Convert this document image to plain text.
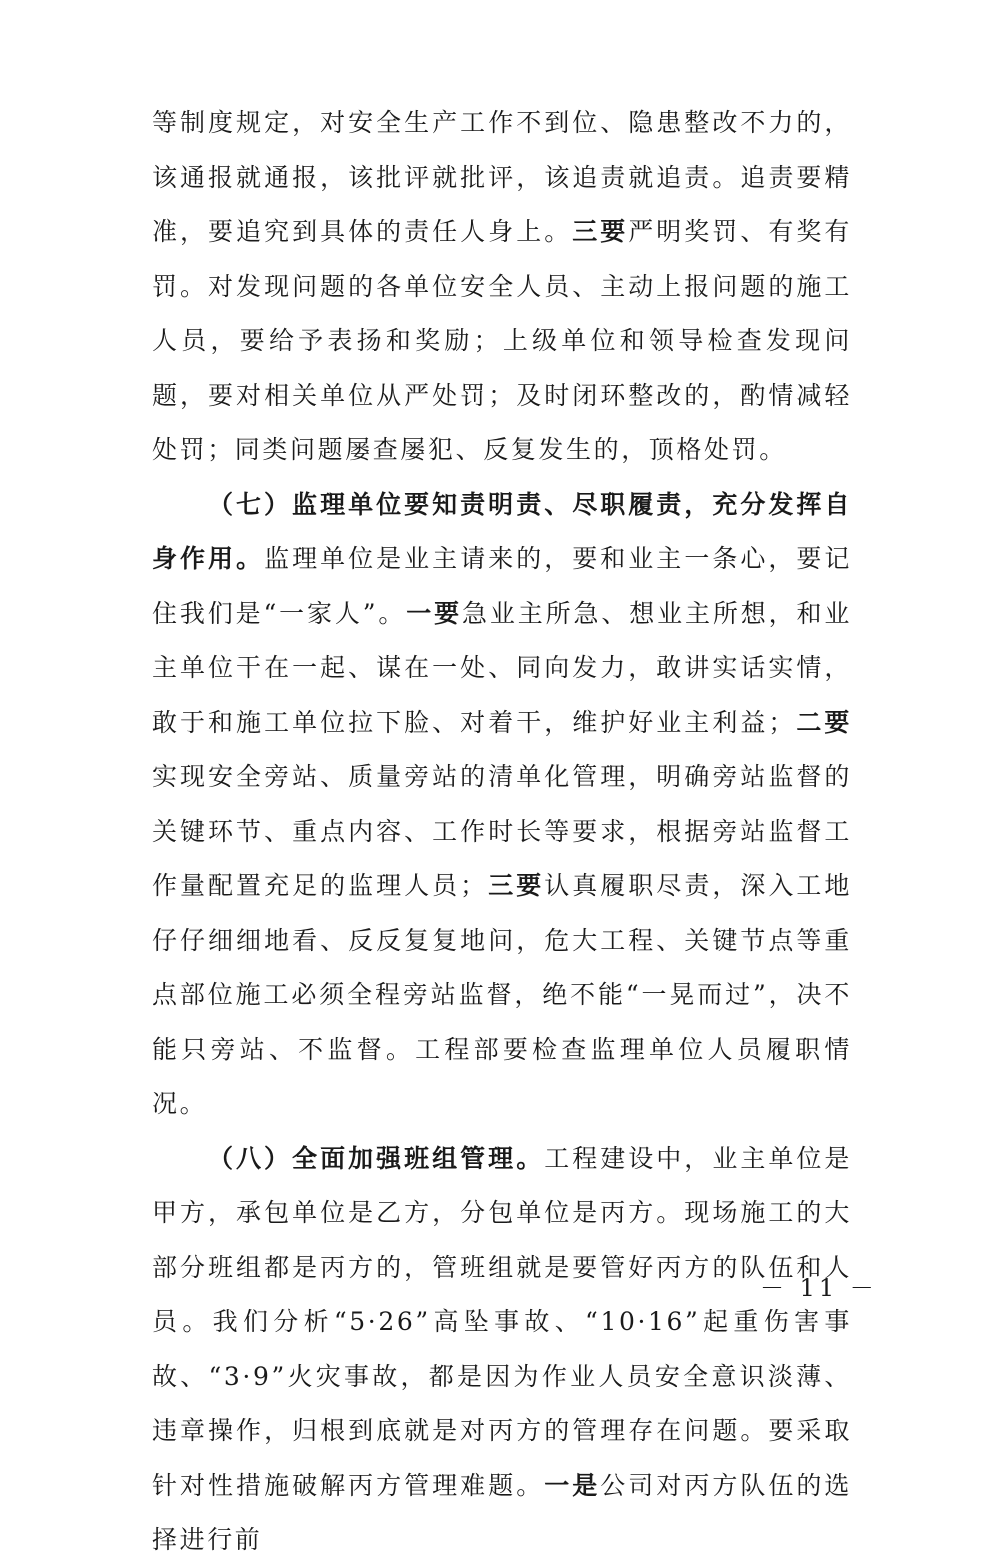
等制度规定，对安全生产工作不到位、隐患整改不力的，该通报就通报，该批评就批评，该追责就追责。追责要精准，要追究到具体的责任人身上。三要严明奖罚、有奖有罚。对发现问题的各单位安全人员、主动上报问题的施工人员，要给予表扬和奖励；上级单位和领导检查发现问题，要对相关单位从严处罚；及时闭环整改的，酌情减轻处罚；同类问题屡查屡犯、反复发生的，顶格处罚。

（七）监理单位要知责明责、尽职履责，充分发挥自身作用。监理单位是业主请来的，要和业主一条心，要记住我们是“一家人”。一要急业主所急、想业主所想，和业主单位干在一起、谋在一处、同向发力，敢讲实话实情，敢于和施工单位拉下脸、对着干，维护好业主利益；二要实现安全旁站、质量旁站的清单化管理，明确旁站监督的关键环节、重点内容、工作时长等要求，根据旁站监督工作量配置充足的监理人员；三要认真履职尽责，深入工地仔仔细细地看、反反复复地问，危大工程、关键节点等重点部位施工必须全程旁站监督，绝不能“一晃而过”，决不能只旁站、不监督。工程部要检查监理单位人员履职情况。

（八）全面加强班组管理。工程建设中，业主单位是甲方，承包单位是乙方，分包单位是丙方。现场施工的大部分班组都是丙方的，管班组就是要管好丙方的队伍和人员。我们分析“5·26”高坠事故、“10·16”起重伤害事故、“3·9”火灾事故，都是因为作业人员安全意识淡薄、违章操作，归根到底就是对丙方的管理存在问题。要采取针对性措施破解丙方管理难题。一是公司对丙方队伍的选择进行前

－ 11 －
